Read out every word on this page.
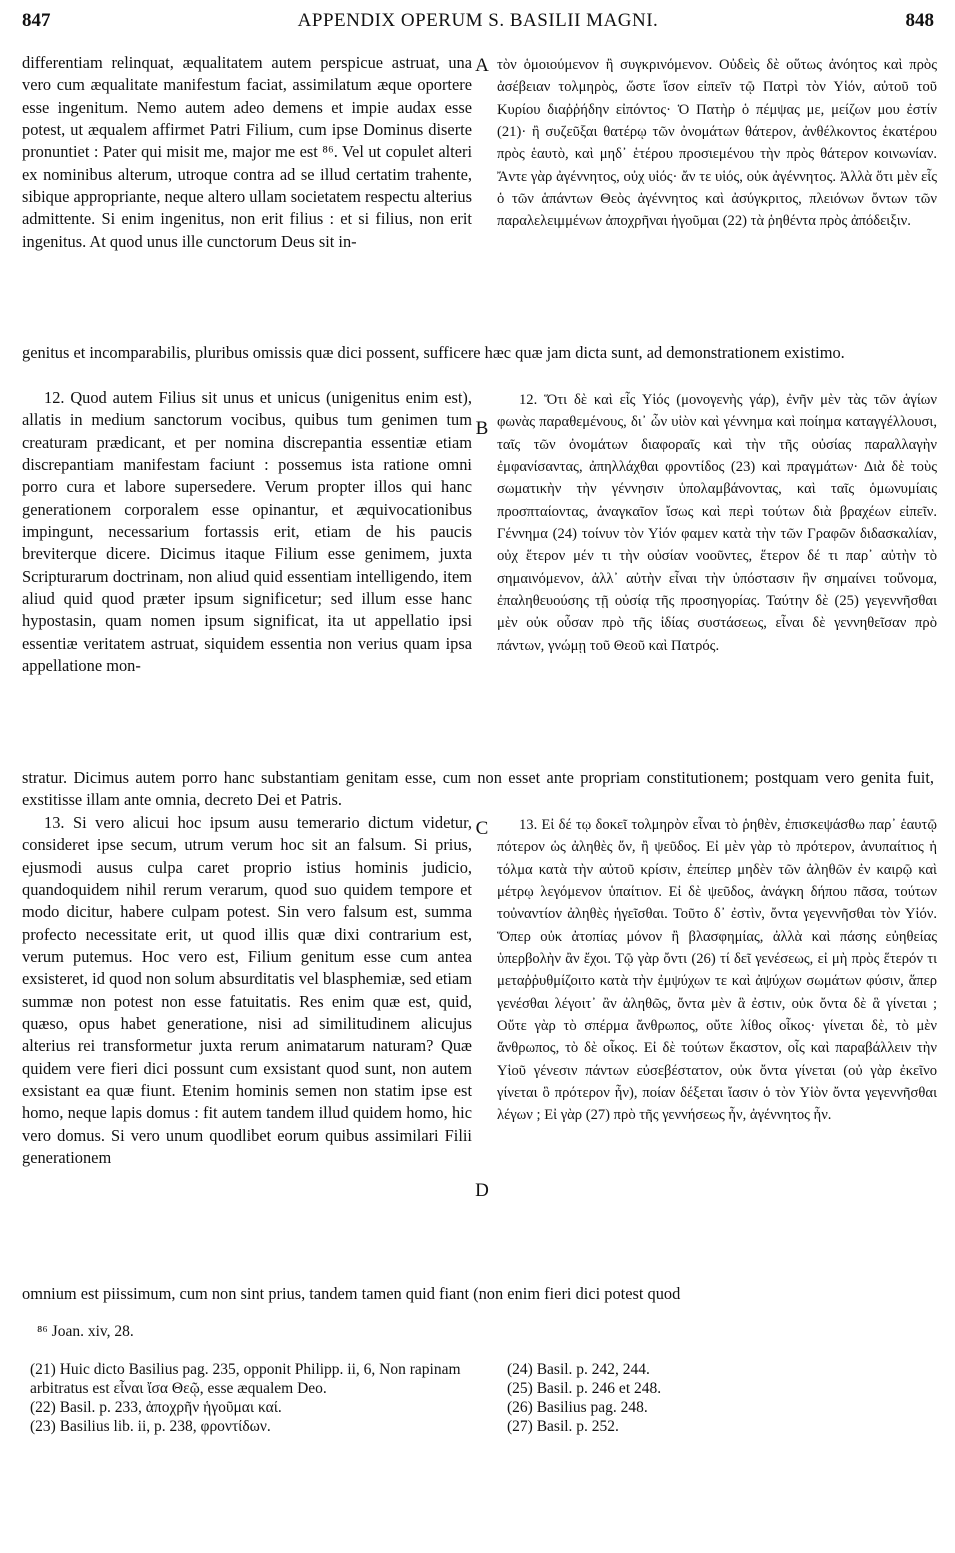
847	APPENDIX OPERUM S. BASILII MAGNI.	848
A

differentiam relinquat, æqualitatem autem perspicue astruat, una vero cum æqualitate manifestum faciat, assimilatum æque oportere esse ingenitum. Nemo autem adeo demens et impie audax esse potest, ut æqualem affirmet Patri Filium, cum ipse Dominus diserte pronuntiet : Pater qui misit me, major me est ⁸⁶. Vel ut copulet alteri ex nominibus alterum, utroque contra ad se illud certatim trahente, sibique appropriante, neque altero ullam societatem respectu alterius admittente. Si enim ingenitus, non erit filius : et si filius, non erit ingenitus. At quod unus ille cunctorum Deus sit in-

τὸν ὁμοιούμενον ἢ συγκρινόμενον. Οὐδεὶς δὲ οὕτως ἀνόητος καὶ πρὸς ἀσέβειαν τολμηρὸς, ὥστε ἴσον εἰπεῖν τῷ Πατρὶ τὸν Υἱόν, αὐτοῦ τοῦ Κυρίου διαῤῥήδην εἰπόντος· Ὁ Πατὴρ ὁ πέμψας με, μείζων μου ἐστίν (21)· ἢ συζεῦξαι θατέρῳ τῶν ὀνομάτων θάτερον, ἀνθέλκοντος ἑκατέρου πρὸς ἑαυτὸ, καὶ μηδ᾽ ἑτέρου προσιεμένου τὴν πρὸς θάτερον κοινωνίαν. Ἄντε γὰρ ἀγέννητος, οὐχ υἱός· ἄν τε υἱός, οὐκ ἀγέννητος. Ἀλλὰ ὅτι μὲν εἷς ὁ τῶν ἁπάντων Θεὸς ἀγέννητος καὶ ἀσύγκριτος, πλειόνων ὄντων τῶν παραλελειμμένων ἀποχρῆναι ἡγοῦμαι (22) τὰ ῥηθέντα πρὸς ἀπόδειξιν.

genitus et incomparabilis, pluribus omissis quæ dici possent, sufficere hæc quæ jam dicta sunt, ad demonstrationem existimo.

B

12. Quod autem Filius sit unus et unicus (unigenitus enim est), allatis in medium sanctorum vocibus, quibus tum genimen tum creaturam prædicant, et per nomina discrepantia essentiæ etiam discrepantiam manifestam faciunt : possemus ista ratione omni porro cura et labore supersedere. Verum propter illos qui hanc generationem corporalem esse opinantur, et æquivocationibus impingunt, necessarium fortassis erit, etiam de his paucis breviterque dicere. Dicimus itaque Filium esse genimem, juxta Scripturarum doctrinam, non aliud quid essentiam intelligendo, item aliud quid quod præter ipsum significetur; sed illum esse hanc hypostasin, quam nomen ipsum significat, ita ut appellatio ipsi essentiæ veritatem astruat, siquidem essentia non verius quam ipsa appellatione mon-

12. Ὅτι δὲ καὶ εἷς Υἱός (μονογενὴς γάρ), ἐνῆν μὲν τὰς τῶν ἁγίων φωνὰς παραθεμένους, δι᾽ ὧν υἱὸν καὶ γέννημα καὶ ποίημα καταγγέλλουσι, ταῖς τῶν ὀνομάτων διαφοραῖς καὶ τὴν τῆς οὐσίας παραλλαγὴν ἐμφανίσαντας, ἀπηλλάχθαι φροντίδος (23) καὶ πραγμάτων· Διὰ δὲ τοὺς σωματικὴν τὴν γέννησιν ὑπολαμβάνοντας, καὶ ταῖς ὁμωνυμίαις προσπταίοντας, ἀναγκαῖον ἴσως καὶ περὶ τούτων διὰ βραχέων εἰπεῖν. Γέννημα (24) τοίνυν τὸν Υἱόν φαμεν κατὰ τὴν τῶν Γραφῶν διδασκαλίαν, οὐχ ἕτερον μέν τι τὴν οὐσίαν νοοῦντες, ἕτερον δέ τι παρ᾽ αὐτὴν τὸ σημαινόμενον, ἀλλ᾽ αὐτὴν εἶναι τὴν ὑπόστασιν ἣν σημαίνει τοὔνομα, ἐπαληθευούσης τῇ οὐσίᾳ τῆς προσηγορίας. Ταύτην δὲ (25) γεγεννῆσθαι μὲν οὐκ οὖσαν πρὸ τῆς ἰδίας συστάσεως, εἶναι δὲ γεννηθεῖσαν πρὸ πάντων, γνώμῃ τοῦ Θεοῦ καὶ Πατρός.

stratur. Dicimus autem porro hanc substantiam genitam esse, cum non esset ante propriam constitutionem; postquam vero genita fuit, exstitisse illam ante omnia, decreto Dei et Patris.

C
D

13. Si vero alicui hoc ipsum ausu temerario dictum videtur, consideret ipse secum, utrum verum hoc sit an falsum. Si prius, ejusmodi ausus culpa caret proprio istius hominis judicio, quandoquidem nihil rerum verarum, quod suo quidem tempore et modo dicitur, habere culpam potest. Sin vero falsum est, summa profecto necessitate erit, ut quod illis quæ dixi contrarium est, verum putemus. Hoc vero est, Filium genitum esse cum antea exsisteret, id quod non solum absurditatis vel blasphemiæ, sed etiam summæ non potest non esse fatuitatis. Res enim quæ est, quid, quæso, opus habet generatione, nisi ad similitudinem alicujus alterius rei transformetur juxta rerum animatarum naturam? Quæ quidem vere fieri dici possunt cum exsistant quod sunt, non autem exsistant ea quæ fiunt. Etenim hominis semen non statim ipse est homo, neque lapis domus : fit autem tandem illud quidem homo, hic vero domus. Si vero unum quodlibet eorum quibus assimilari Filii generationem

13. Εἰ δέ τῳ δοκεῖ τολμηρὸν εἶναι τὸ ῥηθὲν, ἐπισκεψάσθω παρ᾽ ἑαυτῷ πότερον ὡς ἀληθὲς ὄν, ἢ ψεῦδος. Εἰ μὲν γὰρ τὸ πρότερον, ἀνυπαίτιος ἡ τόλμα κατὰ τὴν αὐτοῦ κρίσιν, ἐπείπερ μηδὲν τῶν ἀληθῶν ἐν καιρῷ καὶ μέτρῳ λεγόμενον ὑπαίτιον. Εἰ δὲ ψεῦδος, ἀνάγκη δήπου πᾶσα, τούτων τοὐναντίον ἀληθὲς ἡγεῖσθαι. Τοῦτο δ᾽ ἐστὶν, ὄντα γεγεννῆσθαι τὸν Υἱόν. Ὅπερ οὐκ ἀτοπίας μόνον ἢ βλασφημίας, ἀλλὰ καὶ πάσης εὐηθείας ὑπερβολὴν ἂν ἔχοι. Τῷ γὰρ ὄντι (26) τί δεῖ γενέσεως, εἰ μὴ πρὸς ἕτερόν τι μεταῤῥυθμίζοιτο κατὰ τὴν ἐμψύχων τε καὶ ἀψύχων σωμάτων φύσιν, ἅπερ γενέσθαι λέγοιτ᾽ ἂν ἀληθῶς, ὄντα μὲν ἃ ἐστιν, οὐκ ὄντα δὲ ἃ γίνεται ; Οὔτε γὰρ τὸ σπέρμα ἄνθρωπος, οὔτε λίθος οἶκος· γίνεται δὲ, τὸ μὲν ἄνθρωπος, τὸ δὲ οἶκος. Εἰ δὲ τούτων ἕκαστον, οἷς καὶ παραβάλλειν τὴν Υἱοῦ γένεσιν πάντων εὐσεβέστατον, οὐκ ὄντα γίνεται (οὐ γὰρ ἐκεῖνο γίνεται ὃ πρότερον ἦν), ποίαν δέξεται ἴασιν ὁ τὸν Υἱὸν ὄντα γεγεννῆσθαι λέγων ; Εἰ γὰρ (27) πρὸ τῆς γεννήσεως ἦν, ἀγέννητος ἦν.

omnium est piissimum, cum non sint prius, tandem tamen quid fiant (non enim fieri dici potest quod

⁸⁶ Joan. xiv, 28.

(21) Huic dicto Basilius pag. 235, opponit Philipp. ii, 6, Non rapinam arbitratus est εἶναι ἴσα Θεῷ, esse æqualem Deo.

(22) Basil. p. 233, ἀποχρῆν ἡγοῦμαι καί.

(23) Basilius lib. ii, p. 238, φροντίδων.

(24) Basil. p. 242, 244.

(25) Basil. p. 246 et 248.

(26) Basilius pag. 248.

(27) Basil. p. 252.
